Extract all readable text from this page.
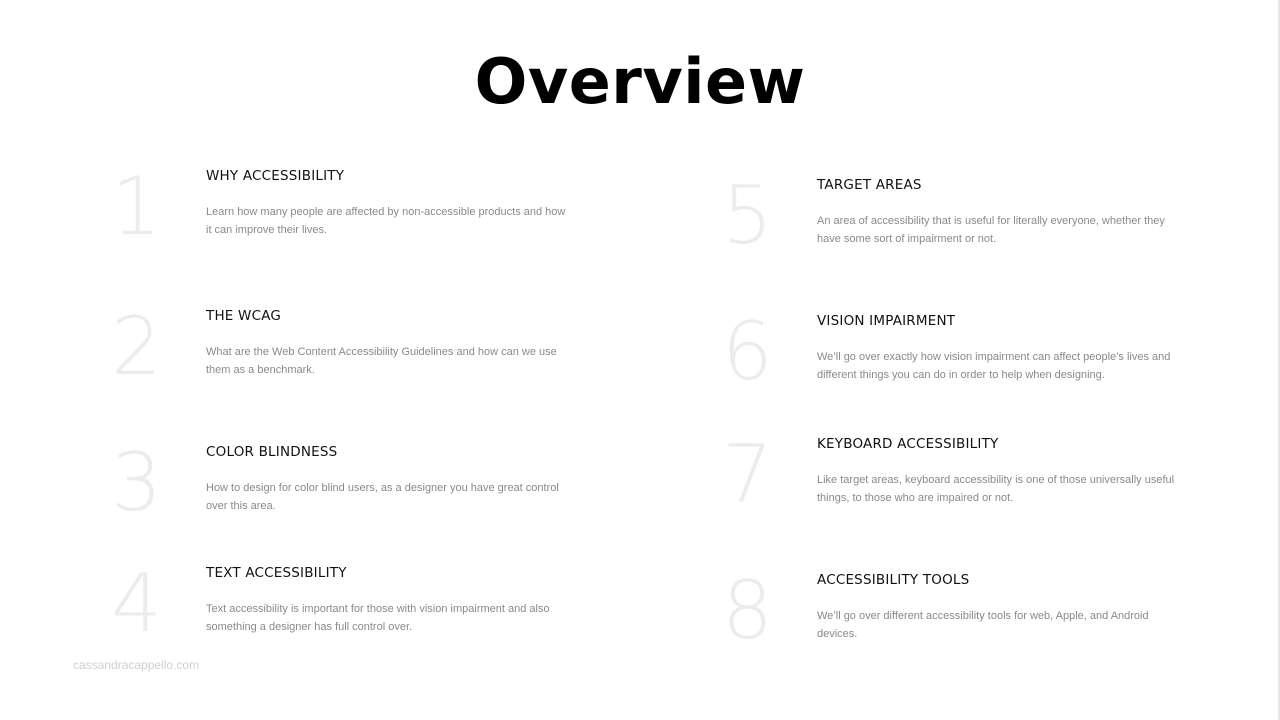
Overview
1	WHY ACCESSIBILITY
Learn how many people are affected by non-accessible products and how it can improve their lives.
2	THE WCAG
What are the Web Content Accessibility Guidelines and how can we use them as a benchmark.
3	COLOR BLINDNESS
How to design for color blind users, as a designer you have great control over this area.
4	TEXT ACCESSIBILITY
Text accessibility is important for those with vision impairment and also something a designer has full control over.
5	TARGET AREAS
An area of accessibility that is useful for literally everyone, whether they have some sort of impairment or not.
6	VISION IMPAIRMENT
We’ll go over exactly how vision impairment can affect people’s lives and different things you can do in order to help when designing.
7	KEYBOARD ACCESSIBILITY
Like target areas, keyboard accessibility is one of those universally useful things, to those who are impaired or not.
8	ACCESSIBILITY TOOLS
We’ll go over different accessibility tools for web, Apple, and Android devices.
cassandracappello.com
